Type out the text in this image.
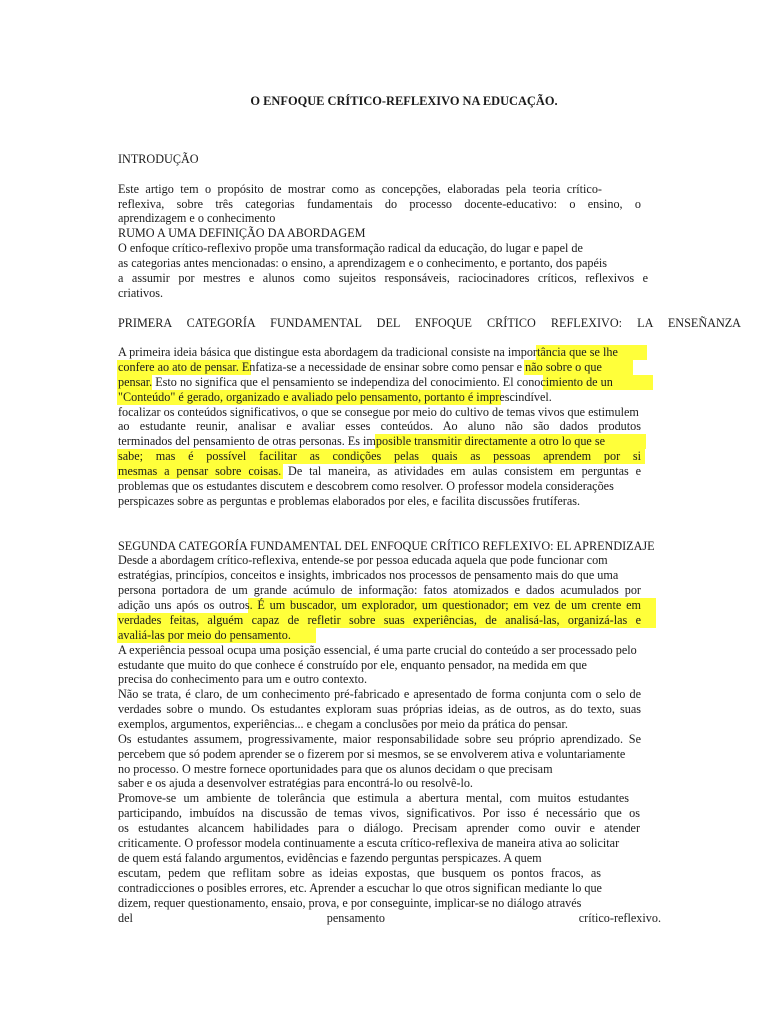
O ENFOQUE CRÍTICO-REFLEXIVO NA EDUCAÇÃO.
INTRODUÇÃO
Este artigo tem o propósito de mostrar como as concepções, elaboradas pela teoria crítico-
reflexiva, sobre três categorias fundamentais do processo docente-educativo: o ensino, o
aprendizagem e o conhecimento
RUMO A UMA DEFINIÇÃO DA ABORDAGEM
O enfoque crítico-reflexivo propõe uma transformação radical da educação, do lugar e papel de
as categorias antes mencionadas: o ensino, a aprendizagem e o conhecimento, e portanto, dos papéis
a assumir por mestres e alunos como sujeitos responsáveis, raciocinadores críticos, reflexivos e
criativos.
PRIMERA CATEGORÍA FUNDAMENTAL DEL ENFOQUE CRÍTICO REFLEXIVO: LA ENSEÑANZA
A primeira ideia básica que distingue esta abordagem da tradicional consiste na importância que se lhe
confere ao ato de pensar. Enfatiza-se a necessidade de ensinar sobre como pensar e não sobre o que
pensar. Esto no significa que el pensamiento se independiza del conocimiento. El conocimiento de un
"Conteúdo" é gerado, organizado e avaliado pelo pensamento, portanto é imprescindível.
focalizar os conteúdos significativos, o que se consegue por meio do cultivo de temas vivos que estimulem
ao estudante reunir, analisar e avaliar esses conteúdos. Ao aluno não são dados produtos
terminados del pensamiento de otras personas. Es imposible transmitir directamente a otro lo que se
sabe; mas é possível facilitar as condições pelas quais as pessoas aprendem por si
mesmas a pensar sobre coisas. De tal maneira, as atividades em aulas consistem em perguntas e
problemas que os estudantes discutem e descobrem como resolver. O professor modela considerações
perspicazes sobre as perguntas e problemas elaborados por eles, e facilita discussões frutíferas.
SEGUNDA CATEGORÍA FUNDAMENTAL DEL ENFOQUE CRÍTICO REFLEXIVO: EL APRENDIZAJE
Desde a abordagem crítico-reflexiva, entende-se por pessoa educada aquela que pode funcionar com
estratégias, princípios, conceitos e insights, imbricados nos processos de pensamento mais do que uma
persona portadora de um grande acúmulo de informação: fatos atomizados e dados acumulados por
adição uns após os outros. É um buscador, um explorador, um questionador; em vez de um crente em
verdades feitas, alguém capaz de refletir sobre suas experiências, de analisá-las, organizá-las e
avaliá-las por meio do pensamento.
A experiência pessoal ocupa uma posição essencial, é uma parte crucial do conteúdo a ser processado pelo
estudante que muito do que conhece é construído por ele, enquanto pensador, na medida em que
precisa do conhecimento para um e outro contexto.
Não se trata, é claro, de um conhecimento pré-fabricado e apresentado de forma conjunta com o selo de
verdades sobre o mundo. Os estudantes exploram suas próprias ideias, as de outros, as do texto, suas
exemplos, argumentos, experiências... e chegam a conclusões por meio da prática do pensar.
Os estudantes assumem, progressivamente, maior responsabilidade sobre seu próprio aprendizado. Se
percebem que só podem aprender se o fizerem por si mesmos, se se envolverem ativa e voluntariamente
no processo. O mestre fornece oportunidades para que os alunos decidam o que precisam
saber e os ajuda a desenvolver estratégias para encontrá-lo ou resolvê-lo.
Promove-se um ambiente de tolerância que estimula a abertura mental, com muitos estudantes
participando, imbuídos na discussão de temas vivos, significativos. Por isso é necessário que os
os estudantes alcancem habilidades para o diálogo. Precisam aprender como ouvir e atender
criticamente. O professor modela continuamente a escuta crítico-reflexiva de maneira ativa ao solicitar
de quem está falando argumentos, evidências e fazendo perguntas perspicazes. A quem
escutam, pedem que reflitam sobre as ideias expostas, que busquem os pontos fracos, as
contradicciones o posibles errores, etc. Aprender a escuchar lo que otros significan mediante lo que
dizem, requer questionamento, ensaio, prova, e por conseguinte, implicar-se no diálogo através
del                                    pensamento                                    crítico-reflexivo.
